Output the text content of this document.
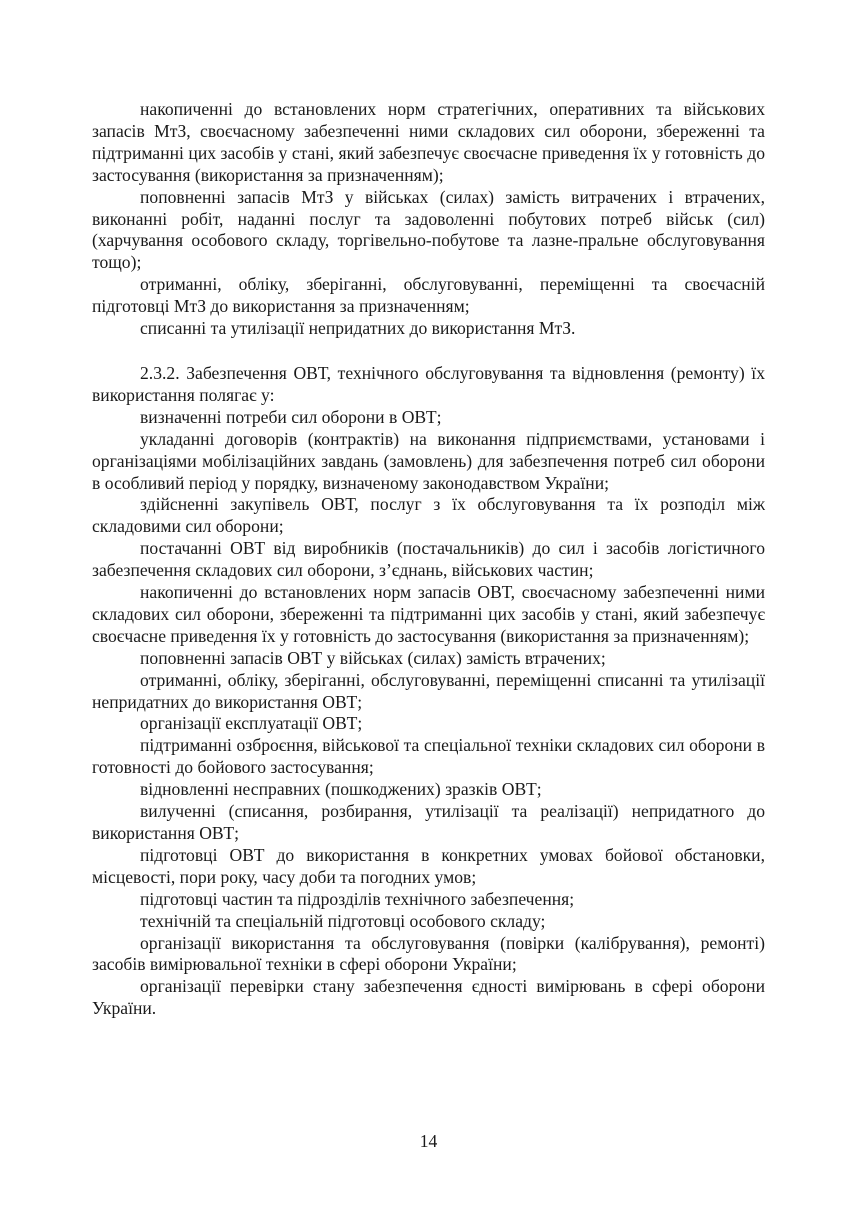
накопиченні до встановлених норм стратегічних, оперативних та військових запасів МтЗ, своєчасному забезпеченні ними складових сил оборони, збереженні та підтриманні цих засобів у стані, який забезпечує своєчасне приведення їх у готовність до застосування (використання за призначенням);

поповненні запасів МтЗ у військах (силах) замість витрачених і втрачених, виконанні робіт, наданні послуг та задоволенні побутових потреб військ (сил) (харчування особового складу, торгівельно-побутове та лазне-пральне обслуговування тощо);

отриманні, обліку, зберіганні, обслуговуванні, переміщенні та своєчасній підготовці МтЗ до використання за призначенням;

списанні та утилізації непридатних до використання МтЗ.

2.3.2. Забезпечення ОВТ, технічного обслуговування та відновлення (ремонту) їх використання полягає у:

визначенні потреби сил оборони в ОВТ;

укладанні договорів (контрактів) на виконання підприємствами, установами і організаціями мобілізаційних завдань (замовлень) для забезпечення потреб сил оборони в особливий період у порядку, визначеному законодавством України;

здійсненні закупівель ОВТ, послуг з їх обслуговування та їх розподіл між складовими сил оборони;

постачанні ОВТ від виробників (постачальників) до сил і засобів логістичного забезпечення складових сил оборони, з’єднань, військових частин;

накопиченні до встановлених норм запасів ОВТ, своєчасному забезпеченні ними складових сил оборони, збереженні та підтриманні цих засобів у стані, який забезпечує своєчасне приведення їх у готовність до застосування (використання за призначенням);

поповненні запасів ОВТ у військах (силах) замість втрачених;

отриманні, обліку, зберіганні, обслуговуванні, переміщенні списанні та утилізації непридатних до використання ОВТ;

організації експлуатації ОВТ;

підтриманні озброєння, військової та спеціальної техніки складових сил оборони в готовності до бойового застосування;

відновленні несправних (пошкоджених) зразків ОВТ;

вилученні (списання, розбирання, утилізації та реалізації) непридатного до використання ОВТ;

підготовці ОВТ до використання в конкретних умовах бойової обстановки, місцевості, пори року, часу доби та погодних умов;

підготовці частин та підрозділів технічного забезпечення;

технічній та спеціальній підготовці особового складу;

організації використання та обслуговування (повірки (калібрування), ремонті) засобів вимірювальної техніки в сфері оборони України;

організації перевірки стану забезпечення єдності вимірювань в сфері оборони України.

14
